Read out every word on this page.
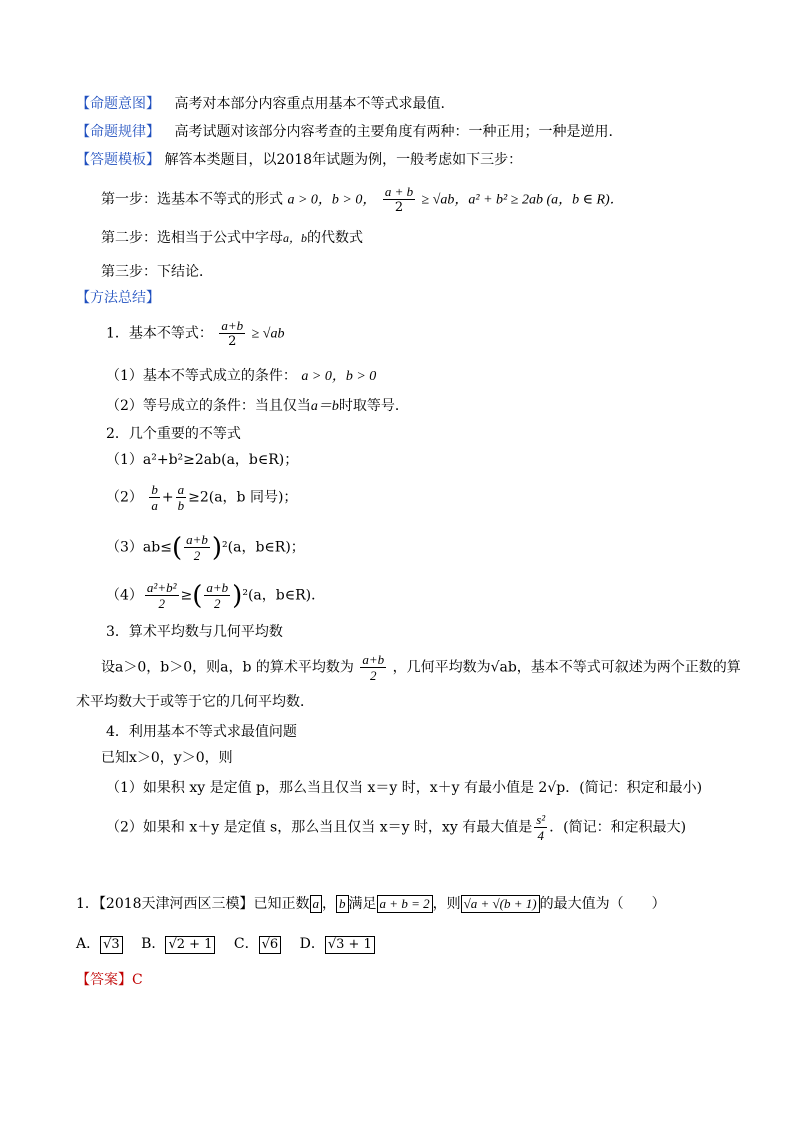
【命题意图】 高考对本部分内容重点用基本不等式求最值.
【命题规律】 高考试题对该部分内容考查的主要角度有两种：一种正用；一种是逆用.
【答题模板】 解答本类题目，以2018年试题为例，一般考虑如下三步：
第一步：选基本不等式的形式 a > 0，b > 0， $\frac{a + b}{2} \ge √ab$，a² + b² ≥ 2ab (a，b ∈ R)．
第二步：选相当于公式中字母a，b的代数式
第三步：下结论．
【方法总结】
1．基本不等式： $\frac{a+b}{2} \ge √ab$
（1）基本不等式成立的条件： a > 0，b > 0
（2）等号成立的条件：当且仅当a＝b时取等号．
2．几个重要的不等式
（1）a²+b²≥2ab(a，b∈R)；
$(2) \frac{b}{a} + \frac{a}{b} \ge 2(a$，b 同号)；
$(3)ab\le( \frac{a+b}{2} )^2(a$，b∈R)；
$(4) \frac{\text{a²+b²}}{2}$ ≥( $\frac{a+b}{2} )^2(a$，b∈R)．
3．算术平均数与几何平均数
设a＞0，b＞0，则a，b 的算术平均数为 $\frac{a+b}{2}$ ，几何平均数为√ab，基本不等式可叙述为两个正数的算
术平均数大于或等于它的几何平均数．
4．利用基本不等式求最值问题
已知x＞0，y＞0，则
（1）如果积 xy 是定值 p，那么当且仅当 x＝y 时，x＋y 有最小值是 2√p．(简记：积定和最小)
（2）如果和 x＋y 是定值 s，那么当且仅当 x＝y 时，xy 有最大值是 $\frac{\text{s²}}{4}$ ．(简记：和定积最大)
1．【2018天津河西区三模】已知正数 a ， b 满足 a + b = 2 ，则 √a + √(b + 1) 的最大值为（　　）
A． √3 B． √2 + 1 C． √6 D． √3 + 1
【答案】C
